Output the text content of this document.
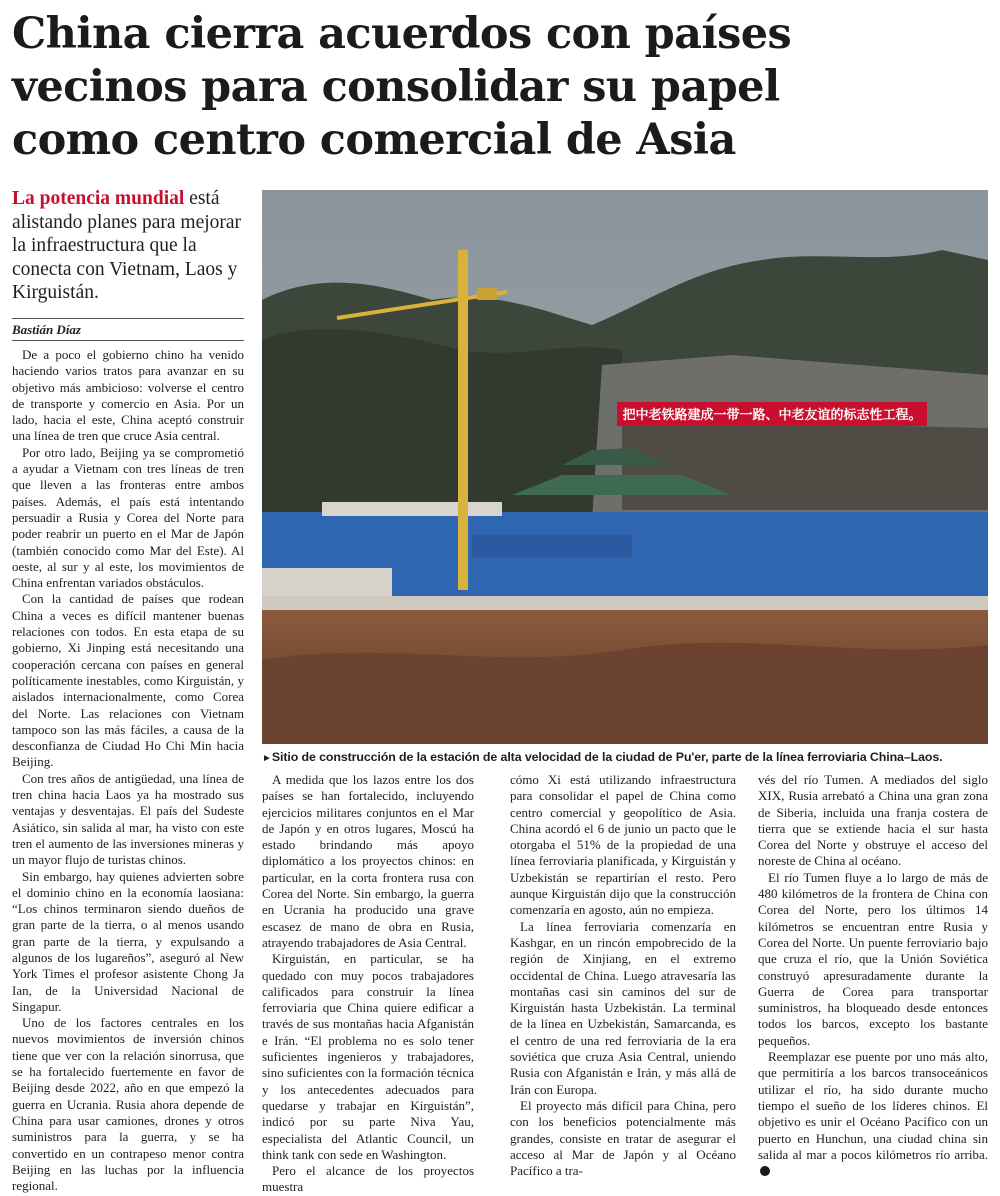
China cierra acuerdos con países
vecinos para consolidar su papel
como centro comercial de Asia
La potencia mundial está alistando planes para mejorar la infraestructura que la conecta con Vietnam, Laos y Kirguistán.
Bastián Díaz

De a poco el gobierno chino ha venido haciendo varios tratos para avanzar en su objetivo más ambicioso: volverse el centro de transporte y comercio en Asia. Por un lado, hacia el este, China aceptó construir una línea de tren que cruce Asia central.

Por otro lado, Beijing ya se comprometió a ayudar a Vietnam con tres líneas de tren que lleven a las fronteras entre ambos países. Además, el país está intentando persuadir a Rusia y Corea del Norte para poder reabrir un puerto en el Mar de Japón (también conocido como Mar del Este). Al oeste, al sur y al este, los movimientos de China enfrentan variados obstáculos.

Con la cantidad de países que rodean China a veces es difícil mantener buenas relaciones con todos. En esta etapa de su gobierno, Xi Jinping está necesitando una cooperación cercana con países en general políticamente inestables, como Kirguistán, y aislados internacionalmente, como Corea del Norte. Las relaciones con Vietnam tampoco son las más fáciles, a causa de la desconfianza de Ciudad Ho Chi Min hacia Beijing.

Con tres años de antigüedad, una línea de tren china hacia Laos ya ha mostrado sus ventajas y desventajas. El país del Sudeste Asiático, sin salida al mar, ha visto con este tren el aumento de las inversiones mineras y un mayor flujo de turistas chinos.

Sin embargo, hay quienes advierten sobre el dominio chino en la economía laosiana: “Los chinos terminaron siendo dueños de gran parte de la tierra, o al menos usando gran parte de la tierra, y expulsando a algunos de los lugareños”, aseguró al New York Times el profesor asistente Chong Ja Ian, de la Universidad Nacional de Singapur.

Uno de los factores centrales en los nuevos movimientos de inversión chinos tiene que ver con la relación sinorrusa, que se ha fortalecido fuertemente en favor de Beijing desde 2022, año en que empezó la guerra en Ucrania. Rusia ahora depende de China para usar camiones, drones y otros suministros para la guerra, y se ha convertido en un contrapeso menor contra Beijing en las luchas por la influencia regional.

把中老铁路建成一带一路、中老友谊的标志性工程。
►Sitio de construcción de la estación de alta velocidad de la ciudad de Pu'er, parte de la línea ferroviaria China–Laos.

A medida que los lazos entre los dos países se han fortalecido, incluyendo ejercicios militares conjuntos en el Mar de Japón y en otros lugares, Moscú ha estado brindando más apoyo diplomático a los proyectos chinos: en particular, en la corta frontera rusa con Corea del Norte. Sin embargo, la guerra en Ucrania ha producido una grave escasez de mano de obra en Rusia, atrayendo trabajadores de Asia Central.

Kirguistán, en particular, se ha quedado con muy pocos trabajadores calificados para construir la línea ferroviaria que China quiere edificar a través de sus montañas hacia Afganistán e Irán. “El problema no es solo tener suficientes ingenieros y trabajadores, sino suficientes con la formación técnica y los antecedentes adecuados para quedarse y trabajar en Kirguistán”, indicó por su parte Niva Yau, especialista del Atlantic Council, un think tank con sede en Washington.

Pero el alcance de los proyectos muestra

cómo Xi está utilizando infraestructura para consolidar el papel de China como centro comercial y geopolítico de Asia. China acordó el 6 de junio un pacto que le otorgaba el 51% de la propiedad de una línea ferroviaria planificada, y Kirguistán y Uzbekistán se repartirían el resto. Pero aunque Kirguistán dijo que la construcción comenzaría en agosto, aún no empieza.

La línea ferroviaria comenzaría en Kashgar, en un rincón empobrecido de la región de Xinjiang, en el extremo occidental de China. Luego atravesaría las montañas casi sin caminos del sur de Kirguistán hasta Uzbekistán. La terminal de la línea en Uzbekistán, Samarcanda, es el centro de una red ferroviaria de la era soviética que cruza Asia Central, uniendo Rusia con Afganistán e Irán, y más allá de Irán con Europa.

El proyecto más difícil para China, pero con los beneficios potencialmente más grandes, consiste en tratar de asegurar el acceso al Mar de Japón y al Océano Pacífico a tra-

vés del río Tumen. A mediados del siglo XIX, Rusia arrebató a China una gran zona de Siberia, incluida una franja costera de tierra que se extiende hacia el sur hasta Corea del Norte y obstruye el acceso del noreste de China al océano.

El río Tumen fluye a lo largo de más de 480 kilómetros de la frontera de China con Corea del Norte, pero los últimos 14 kilómetros se encuentran entre Rusia y Corea del Norte. Un puente ferroviario bajo que cruza el río, que la Unión Soviética construyó apresuradamente durante la Guerra de Corea para transportar suministros, ha bloqueado desde entonces todos los barcos, excepto los bastante pequeños.

Reemplazar ese puente por uno más alto, que permitiría a los barcos transoceánicos utilizar el río, ha sido durante mucho tiempo el sueño de los líderes chinos. El objetivo es unir el Océano Pacífico con un puerto en Hunchun, una ciudad china sin salida al mar a pocos kilómetros río arriba.
